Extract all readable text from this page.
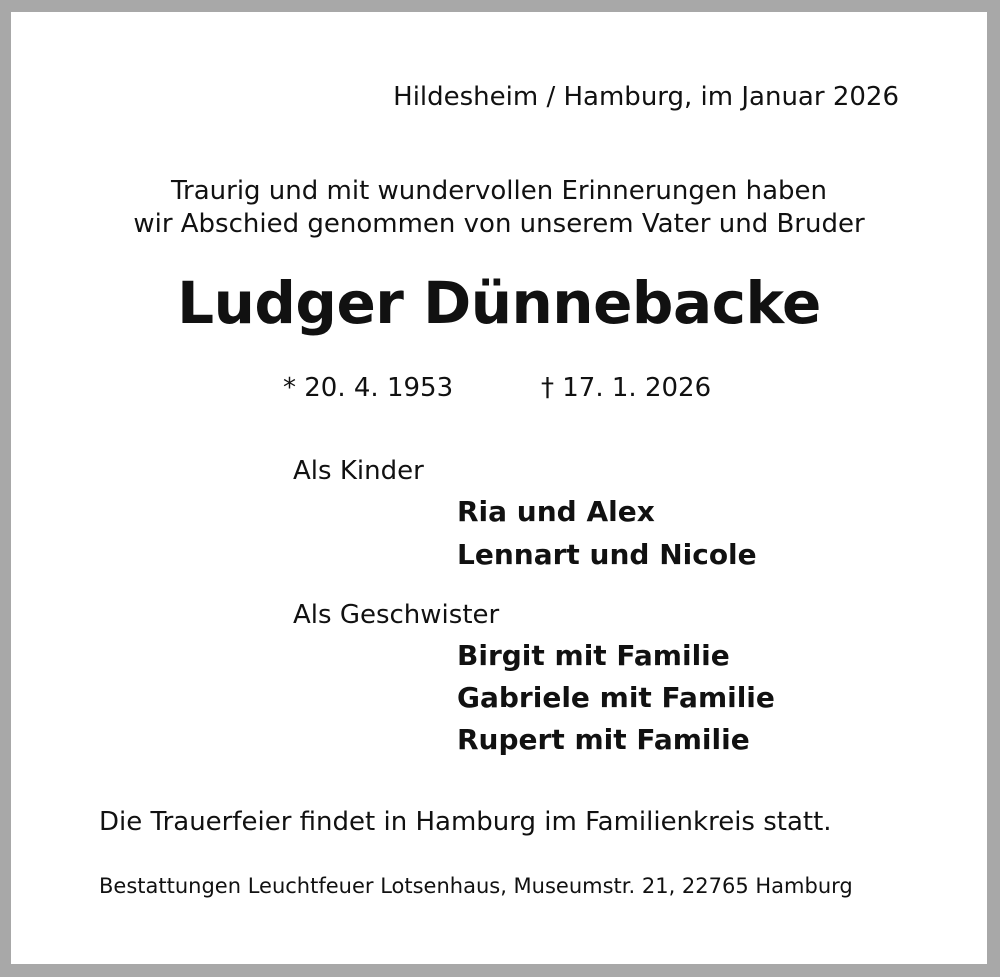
Hildesheim / Hamburg, im Januar 2026
Traurig und mit wundervollen Erinnerungen haben
wir Abschied genommen von unserem Vater und Bruder
Ludger Dünnebacke
* 20. 4. 1953	† 17. 1. 2026
Als Kinder
Ria und Alex
Lennart und Nicole
Als Geschwister
Birgit mit Familie
Gabriele mit Familie
Rupert mit Familie
Die Trauerfeier findet in Hamburg im Familienkreis statt.
Bestattungen Leuchtfeuer Lotsenhaus, Museumstr. 21, 22765 Hamburg
